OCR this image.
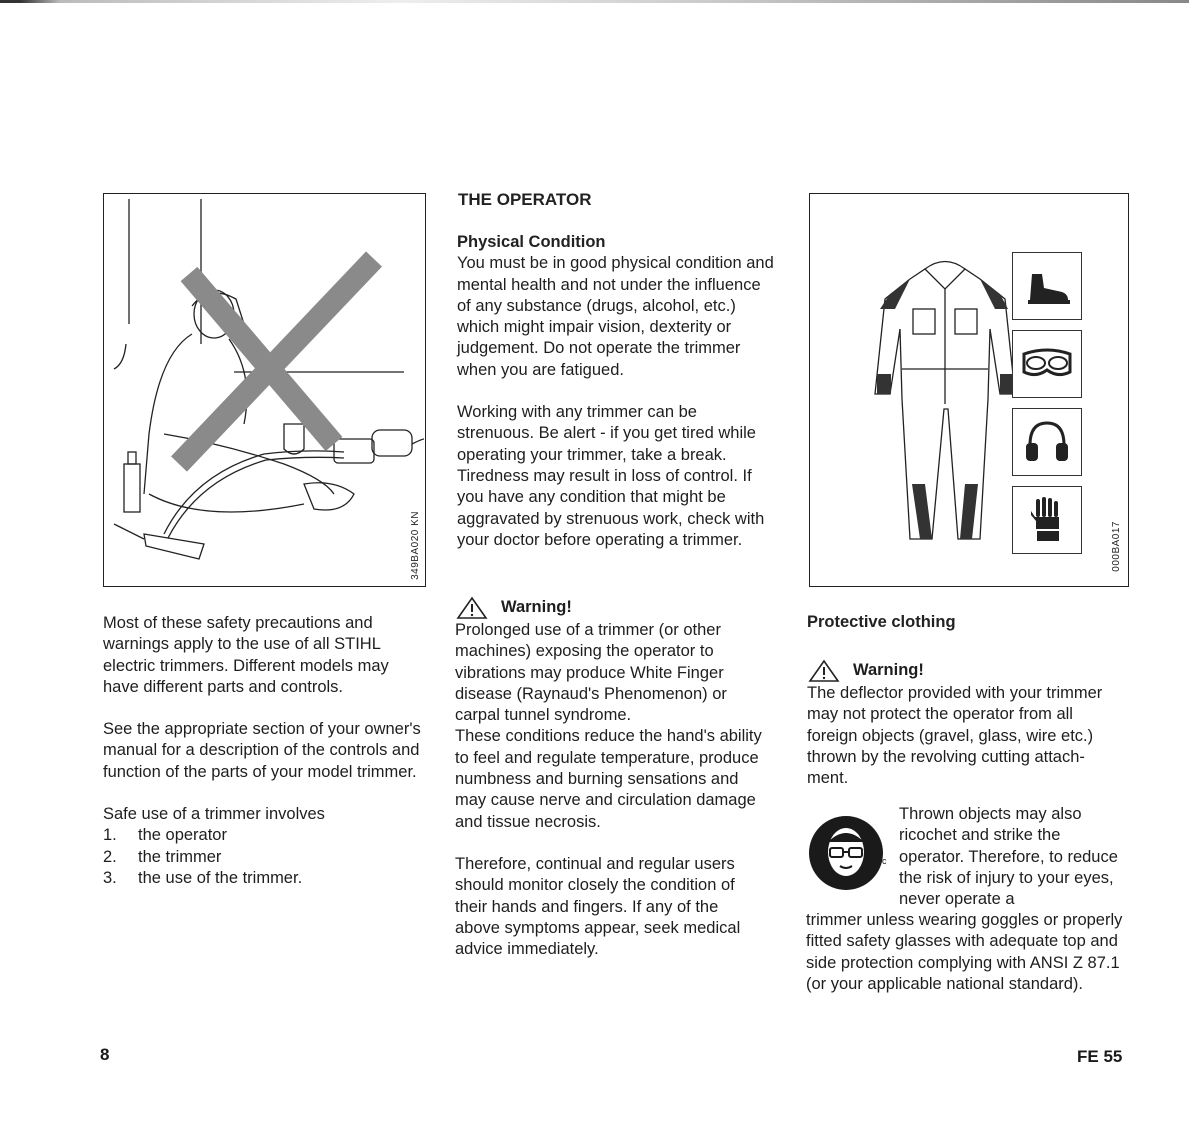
349BA020 KN

Most of these safety precautions and warnings apply to the use of all STIHL electric trimmers. Different models may have different parts and controls.

See the appropriate section of your owner's manual for a description of the controls and function of the parts of your model trimmer.

Safe use of a trimmer involves

1.	the operator
2.	the trimmer
3.	the use of the trimmer.
THE OPERATOR
Physical Condition

You must be in good physical condition and mental health and not under the influence of any substance (drugs, alcohol, etc.) which might impair vision, dexterity or judgement. Do not operate the trimmer when you are fatigued.

Working with any trimmer can be strenuous. Be alert - if you get tired while operating your trimmer, take a break. Tiredness may result in loss of control. If you have any condition that might be aggravated by strenuous work, check with your doctor before operating a trimmer.

Warning!

Prolonged use of a trimmer (or other machines) exposing the operator to vibrations may produce White Finger disease (Raynaud's Phenomenon) or carpal tunnel syndrome.

These conditions reduce the hand's ability to feel and regulate temperature, produce numbness and burning sensations and may cause nerve and circulation damage and tissue necrosis.

Therefore, continual and regular users should monitor closely the condition of their hands and fingers. If any of the above symptoms appear, seek medical advice immediately.

000BA017
Protective clothing
Warning!

The deflector provided with your trimmer may not protect the operator from all foreign objects (gravel, glass, wire etc.) thrown by the revolving cutting attach- ment.

c

Thrown objects may also ricochet and strike the operator. Therefore, to reduce the risk of injury to your eyes, never operate a

trimmer unless wearing goggles or properly fitted safety glasses with adequate top and side protection complying with ANSI Z 87.1 (or your applicable national standard).

8	FE 55
